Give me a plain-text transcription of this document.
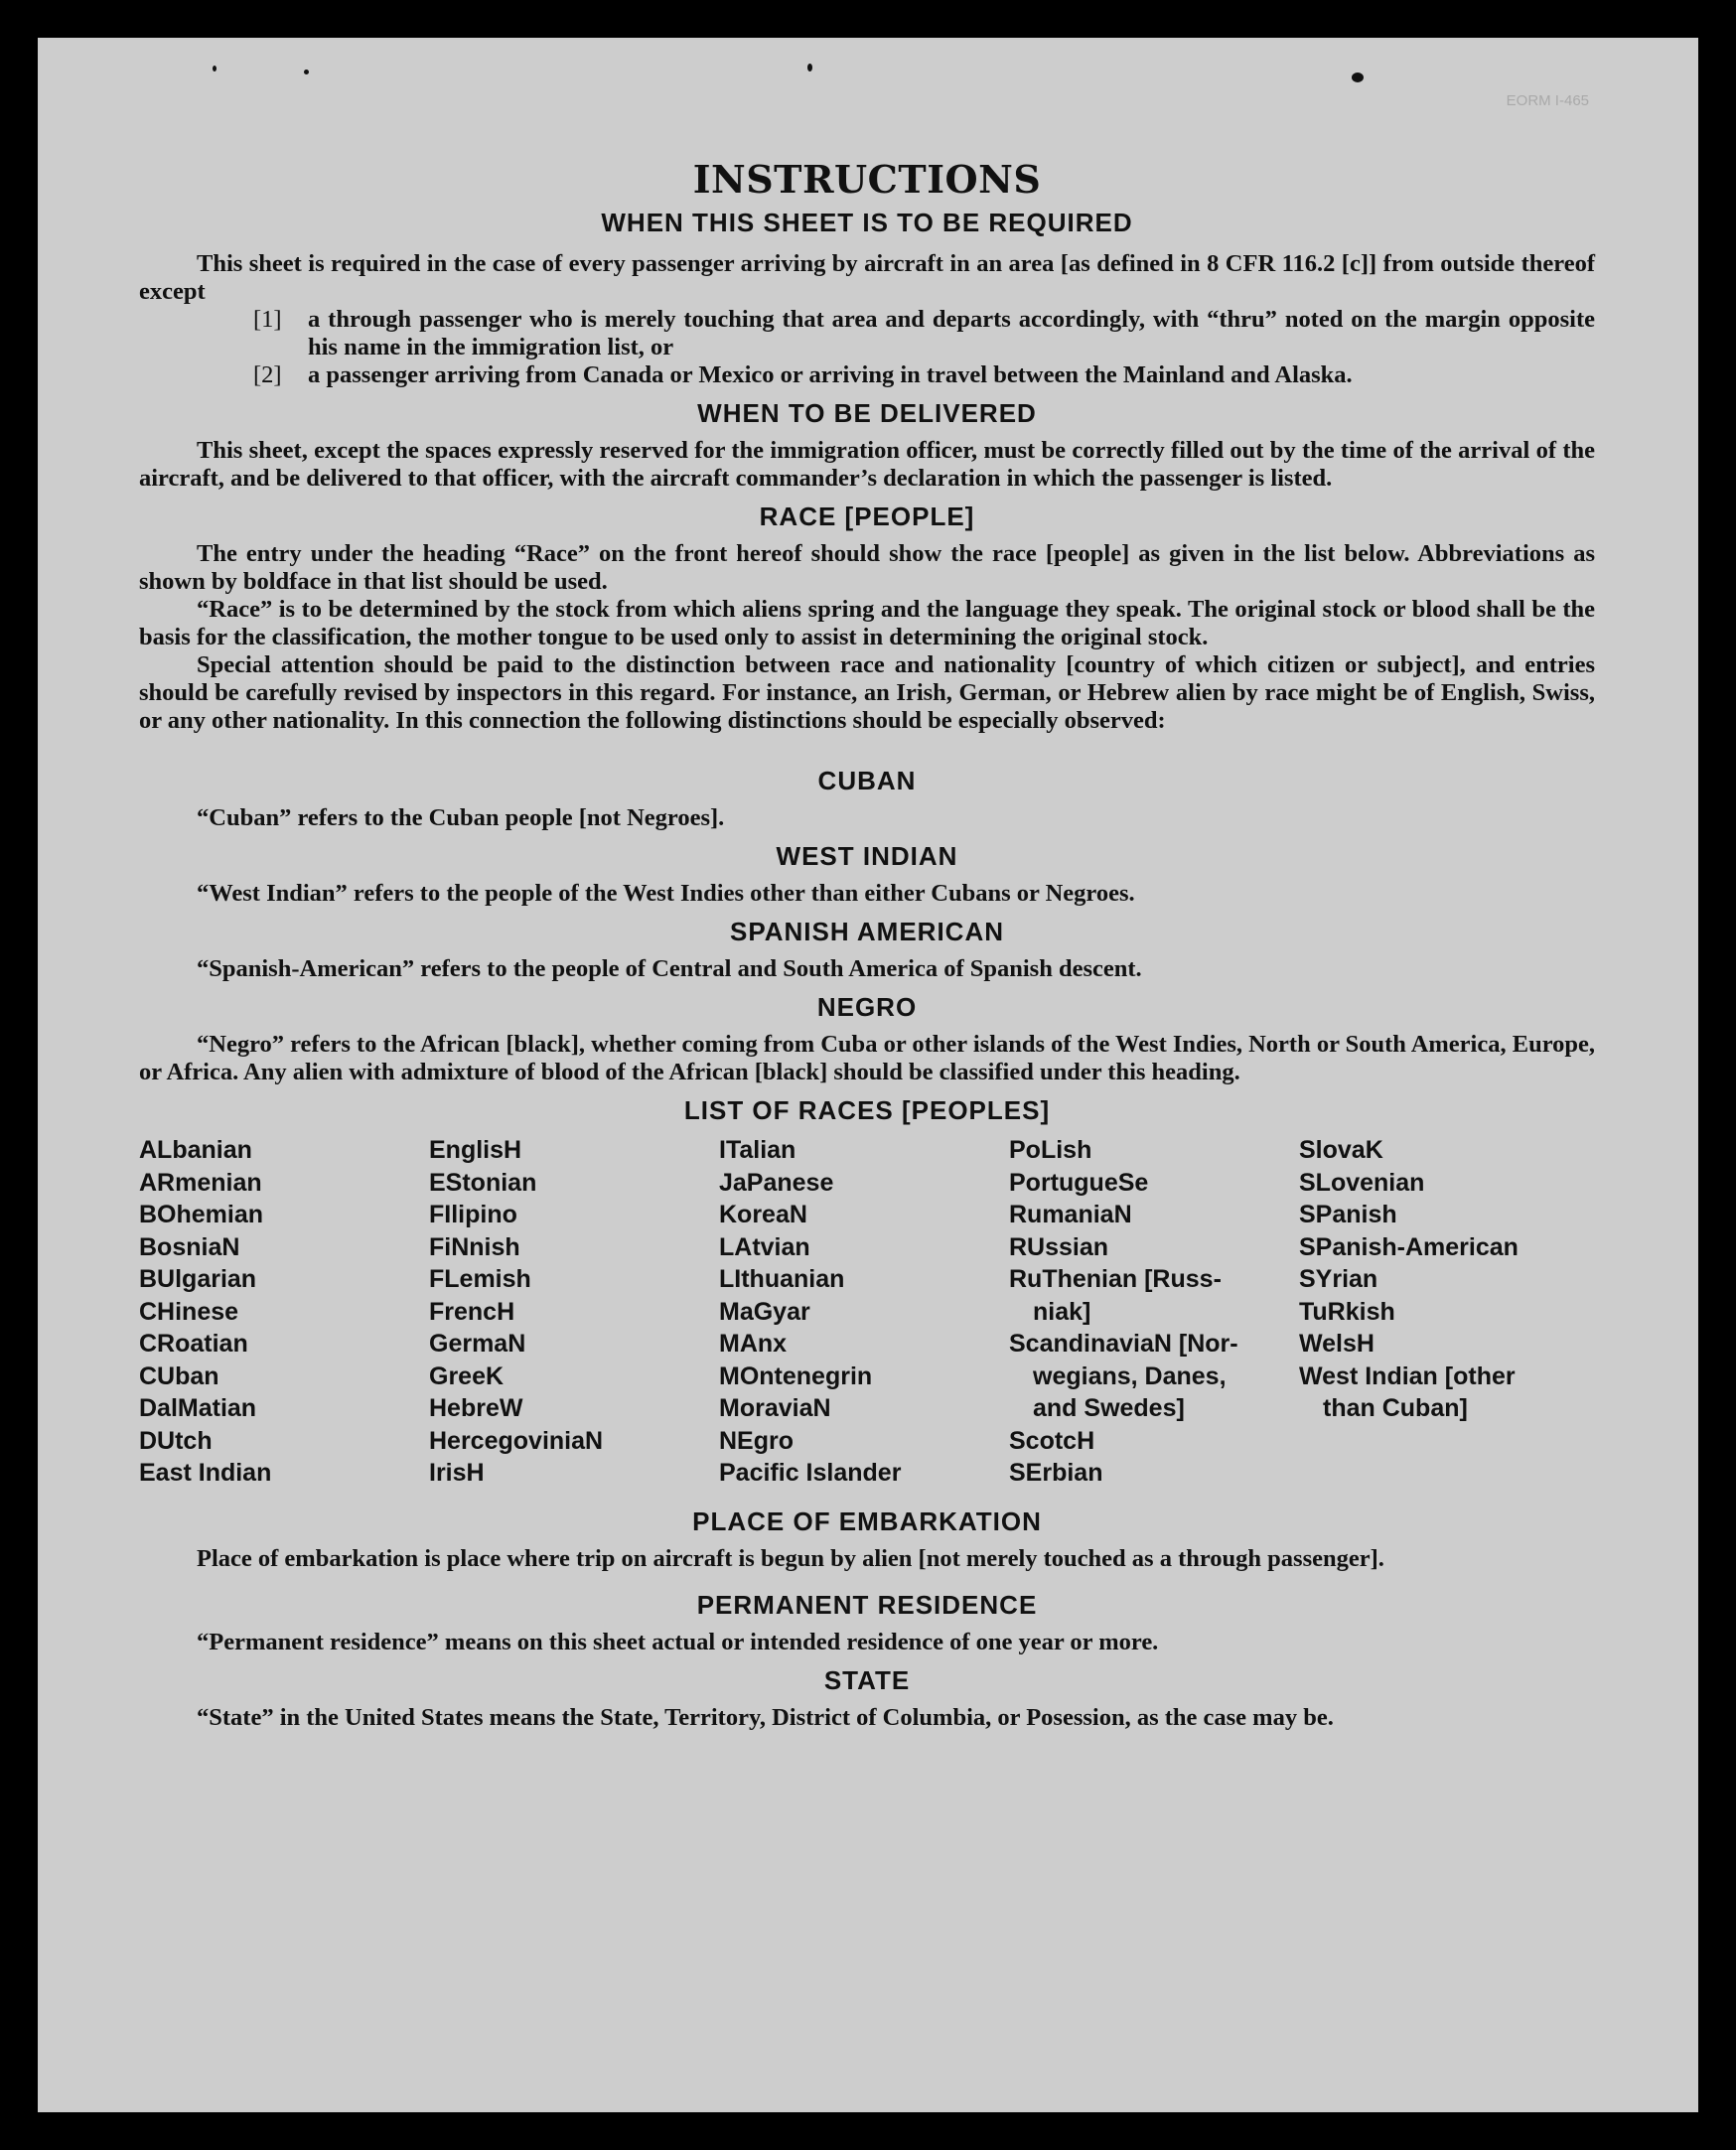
EORM I-465
INSTRUCTIONS
WHEN THIS SHEET IS TO BE REQUIRED

This sheet is required in the case of every passenger arriving by aircraft in an area [as defined in 8 CFR 116.2 [c]] from outside thereof except

[1] a through passenger who is merely touching that area and departs accordingly, with “thru” noted on the margin opposite his name in the immigration list, or
[2] a passenger arriving from Canada or Mexico or arriving in travel between the Mainland and Alaska.
WHEN TO BE DELIVERED

This sheet, except the spaces expressly reserved for the immigration officer, must be correctly filled out by the time of the arrival of the aircraft, and be delivered to that officer, with the aircraft commander’s declaration in which the passenger is listed.

RACE [PEOPLE]

The entry under the heading “Race” on the front hereof should show the race [people] as given in the list below. Abbreviations as shown by boldface in that list should be used.

“Race” is to be determined by the stock from which aliens spring and the language they speak. The original stock or blood shall be the basis for the classification, the mother tongue to be used only to assist in determining the original stock.

Special attention should be paid to the distinction between race and nationality [country of which citizen or subject], and entries should be carefully revised by inspectors in this regard. For instance, an Irish, German, or Hebrew alien by race might be of English, Swiss, or any other nationality. In this connection the following distinctions should be especially observed:

CUBAN

“Cuban” refers to the Cuban people [not Negroes].

WEST INDIAN

“West Indian” refers to the people of the West Indies other than either Cubans or Negroes.

SPANISH AMERICAN

“Spanish-American” refers to the people of Central and South America of Spanish descent.

NEGRO

“Negro” refers to the African [black], whether coming from Cuba or other islands of the West Indies, North or South America, Europe, or Africa. Any alien with admixture of blood of the African [black] should be classified under this heading.

LIST OF RACES [PEOPLES]
ALbanian
ARmenian
BOhemian
BosniaN
BUlgarian
CHinese
CRoatian
CUban
DalMatian
DUtch
East Indian
EnglisH
EStonian
FIlipino
FiNnish
FLemish
FrencH
GermaN
GreeK
HebreW
HercegoviniaN
IrisH
ITalian
JaPanese
KoreaN
LAtvian
LIthuanian
MaGyar
MAnx
MOntenegrin
MoraviaN
NEgro
Pacific Islander
PoLish
PortugueSe
RumaniaN
RUssian
RuThenian [Russ-
niak]
ScandinaviaN [Nor-
wegians, Danes,
and Swedes]
ScotcH
SErbian
SlovaK
SLovenian
SPanish
SPanish-American
SYrian
TuRkish
WelsH
West Indian [other
than Cuban]
PLACE OF EMBARKATION

Place of embarkation is place where trip on aircraft is begun by alien [not merely touched as a through passenger].

PERMANENT RESIDENCE

“Permanent residence” means on this sheet actual or intended residence of one year or more.

STATE

“State” in the United States means the State, Territory, District of Columbia, or Posession, as the case may be.
